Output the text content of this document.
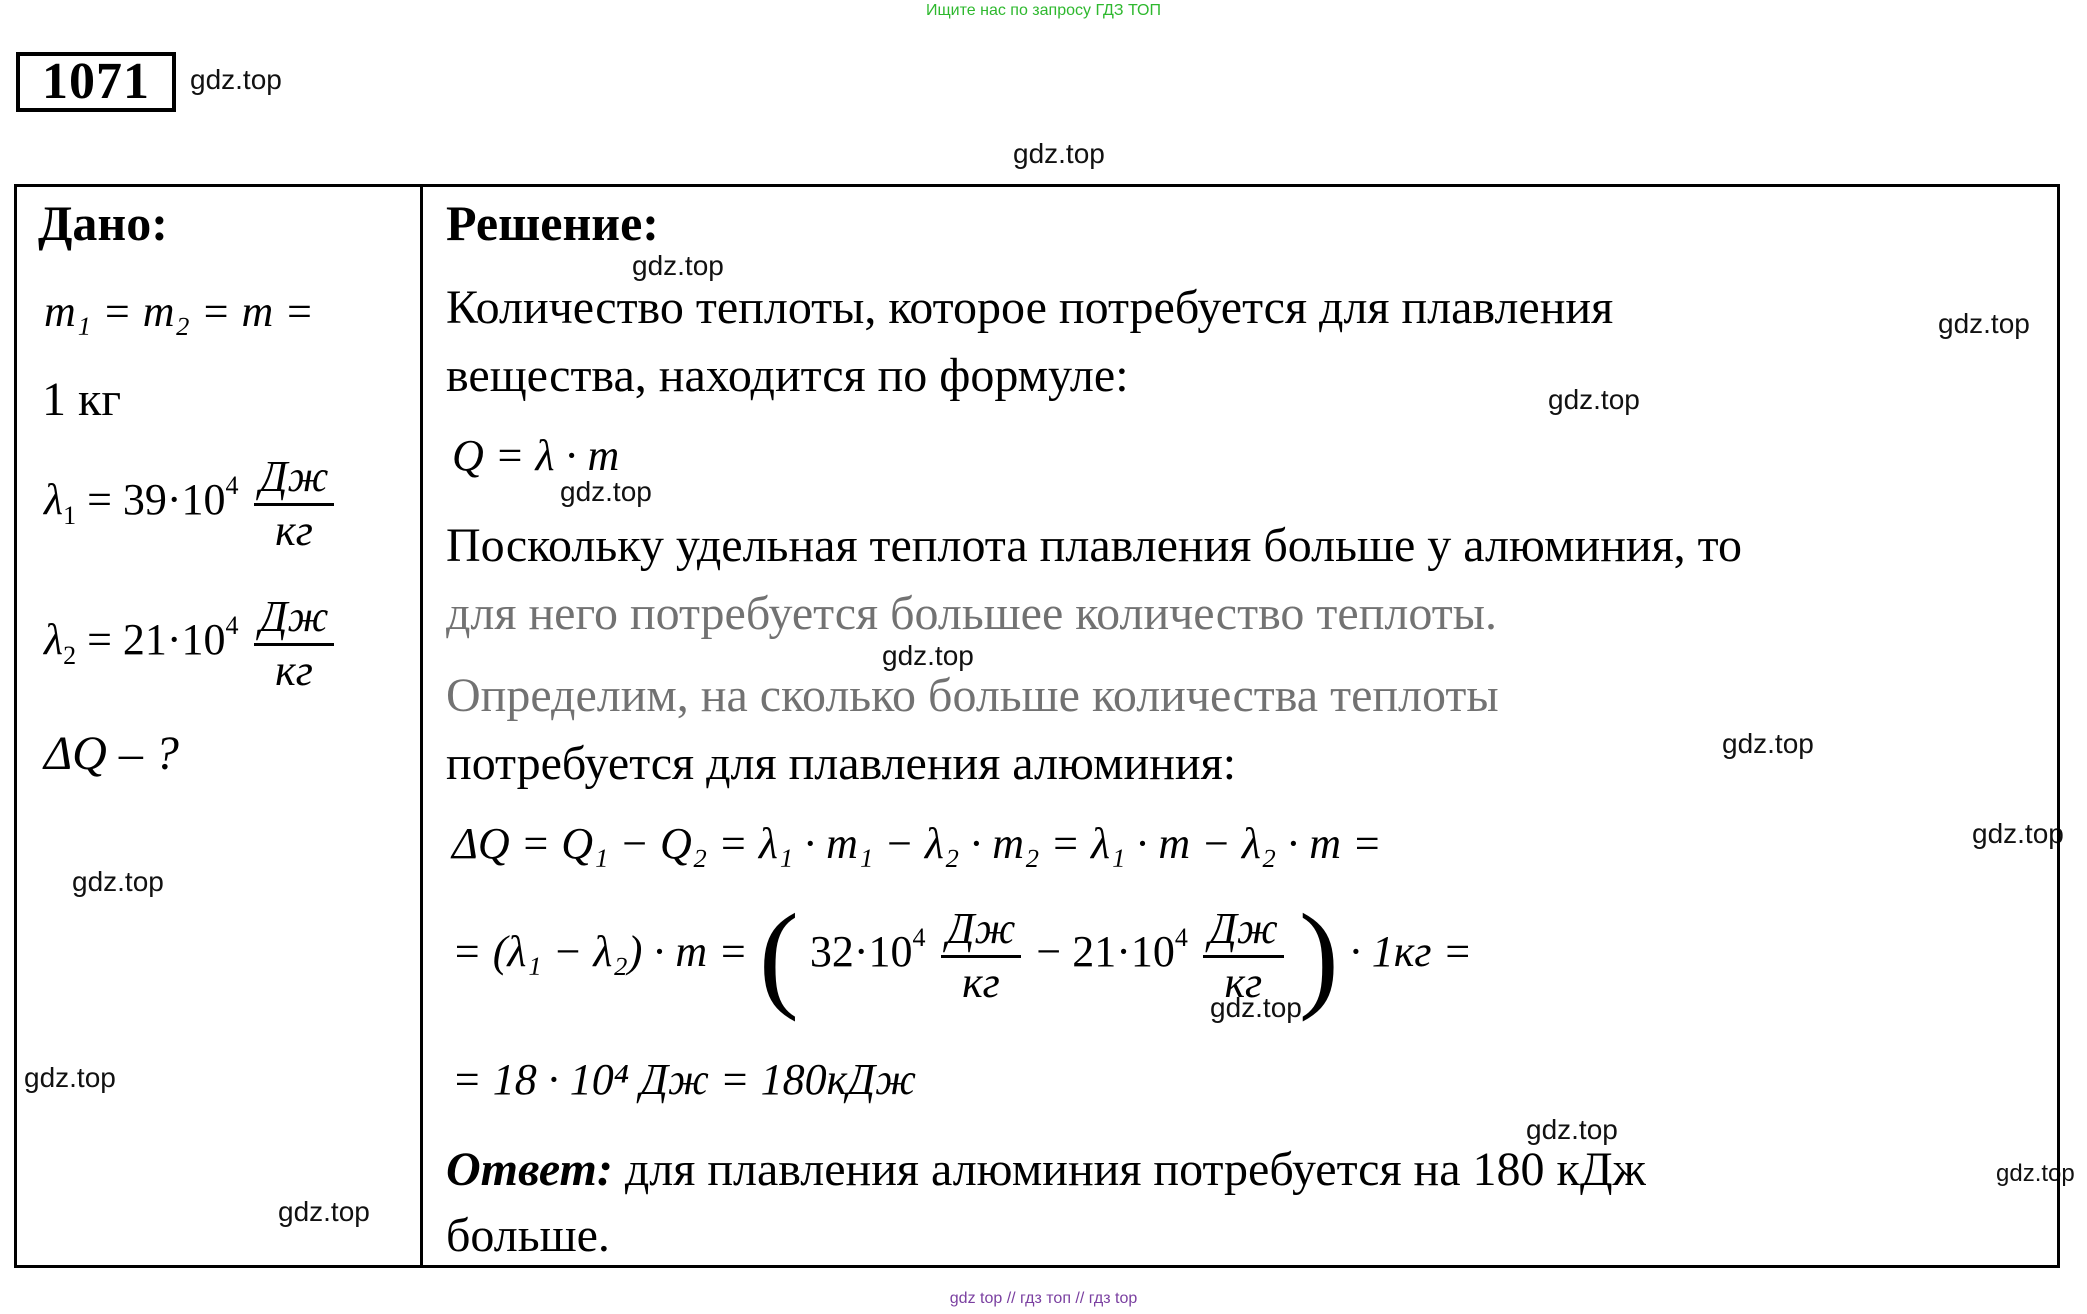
Ищите нас по запросу ГДЗ ТОП
1071	gdz.top
gdz.top
gdz.top
gdz.top
gdz.top
gdz.top
gdz.top
gdz.top
gdz.top
gdz.top
gdz.top
gdz.top
gdz.top
gdz.top
gdz.top
Дано:
m₁ = m₂ = m =
1 кг
$\lambda_1 = 39\cdot 10^4 \frac{Дж}{кг}$
$\lambda_2 = 21\cdot 10^4 \frac{Дж}{кг}$
ΔQ – ?
Решение:
Количество теплоты, которое потребуется для плавления
вещества, находится по формуле:
Q = λ · m
Поскольку удельная теплота плавления больше у алюминия, то
для него потребуется большее количество теплоты.
Определим, на сколько больше количества теплоты
потребуется для плавления алюминия:
ΔQ = Q₁ − Q₂ = λ₁ · m₁ − λ₂ · m₂ = λ₁ · m − λ₂ · m =
= (λ₁ − λ₂) · m = ( $32\cdot 10^4 \frac{Дж}{кг} - 21\cdot 10^4 \frac{Дж}{кг}$ ) · 1кг =
= 18 · 10⁴ Дж = 180кДж
Ответ: для плавления алюминия потребуется на 180 кДж
больше.
gdz top // гдз топ // гдз top
